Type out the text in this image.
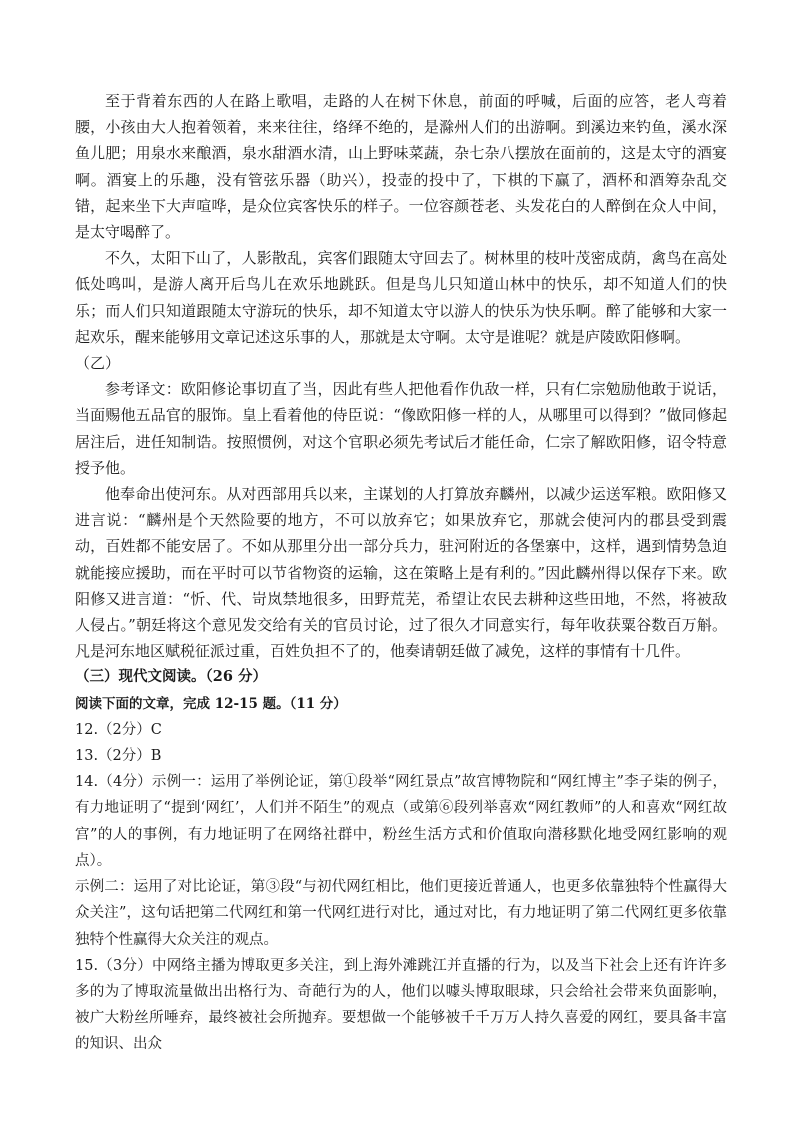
至于背着东西的人在路上歌唱，走路的人在树下休息，前面的呼喊，后面的应答，老人弯着腰，小孩由大人抱着领着，来来往往，络绎不绝的，是滁州人们的出游啊。到溪边来钓鱼，溪水深鱼儿肥；用泉水来酿酒，泉水甜酒水清，山上野味菜蔬，杂七杂八摆放在面前的，这是太守的酒宴啊。酒宴上的乐趣，没有管弦乐器（助兴），投壶的投中了，下棋的下赢了，酒杯和酒筹杂乱交错，起来坐下大声喧哗，是众位宾客快乐的样子。一位容颜苍老、头发花白的人醉倒在众人中间，是太守喝醉了。

不久，太阳下山了，人影散乱，宾客们跟随太守回去了。树林里的枝叶茂密成荫，禽鸟在高处低处鸣叫，是游人离开后鸟儿在欢乐地跳跃。但是鸟儿只知道山林中的快乐，却不知道人们的快乐；而人们只知道跟随太守游玩的快乐，却不知道太守以游人的快乐为快乐啊。醉了能够和大家一起欢乐，醒来能够用文章记述这乐事的人，那就是太守啊。太守是谁呢？就是庐陵欧阳修啊。

（乙）

参考译文：欧阳修论事切直了当，因此有些人把他看作仇敌一样，只有仁宗勉励他敢于说话，当面赐他五品官的服饰。皇上看着他的侍臣说：“像欧阳修一样的人，从哪里可以得到？”做同修起居注后，进任知制诰。按照惯例，对这个官职必须先考试后才能任命，仁宗了解欧阳修，诏令特意授予他。

他奉命出使河东。从对西部用兵以来，主谋划的人打算放弃麟州，以减少运送军粮。欧阳修又进言说：“麟州是个天然险要的地方，不可以放弃它；如果放弃它，那就会使河内的郡县受到震动，百姓都不能安居了。不如从那里分出一部分兵力，驻河附近的各堡寨中，这样，遇到情势急迫就能接应援助，而在平时可以节省物资的运输，这在策略上是有利的。”因此麟州得以保存下来。欧阳修又进言道：“忻、代、岢岚禁地很多，田野荒芜，希望让农民去耕种这些田地，不然，将被敌人侵占。”朝廷将这个意见发交给有关的官员讨论，过了很久才同意实行，每年收获粟谷数百万斛。凡是河东地区赋税征派过重，百姓负担不了的，他奏请朝廷做了减免，这样的事情有十几件。

（三）现代文阅读。（26 分）

阅读下面的文章，完成 12-15 题。（11 分）

12.（2分）C

13.（2分）B

14.（4分）示例一：运用了举例论证，第①段举“网红景点”故宫博物院和“网红博主”李子柒的例子，有力地证明了“提到‘网红’，人们并不陌生”的观点（或第⑥段列举喜欢“网红教师”的人和喜欢“网红故宫”的人的事例，有力地证明了在网络社群中，粉丝生活方式和价值取向潜移默化地受网红影响的观点）。

示例二：运用了对比论证，第③段“与初代网红相比，他们更接近普通人，也更多依靠独特个性赢得大众关注”，这句话把第二代网红和第一代网红进行对比，通过对比，有力地证明了第二代网红更多依靠独特个性赢得大众关注的观点。

15.（3分）中网络主播为博取更多关注，到上海外滩跳江并直播的行为，以及当下社会上还有许许多多的为了博取流量做出出格行为、奇葩行为的人，他们以噱头博取眼球，只会给社会带来负面影响，被广大粉丝所唾弃，最终被社会所抛弃。要想做一个能够被千千万万人持久喜爱的网红，要具备丰富的知识、出众
